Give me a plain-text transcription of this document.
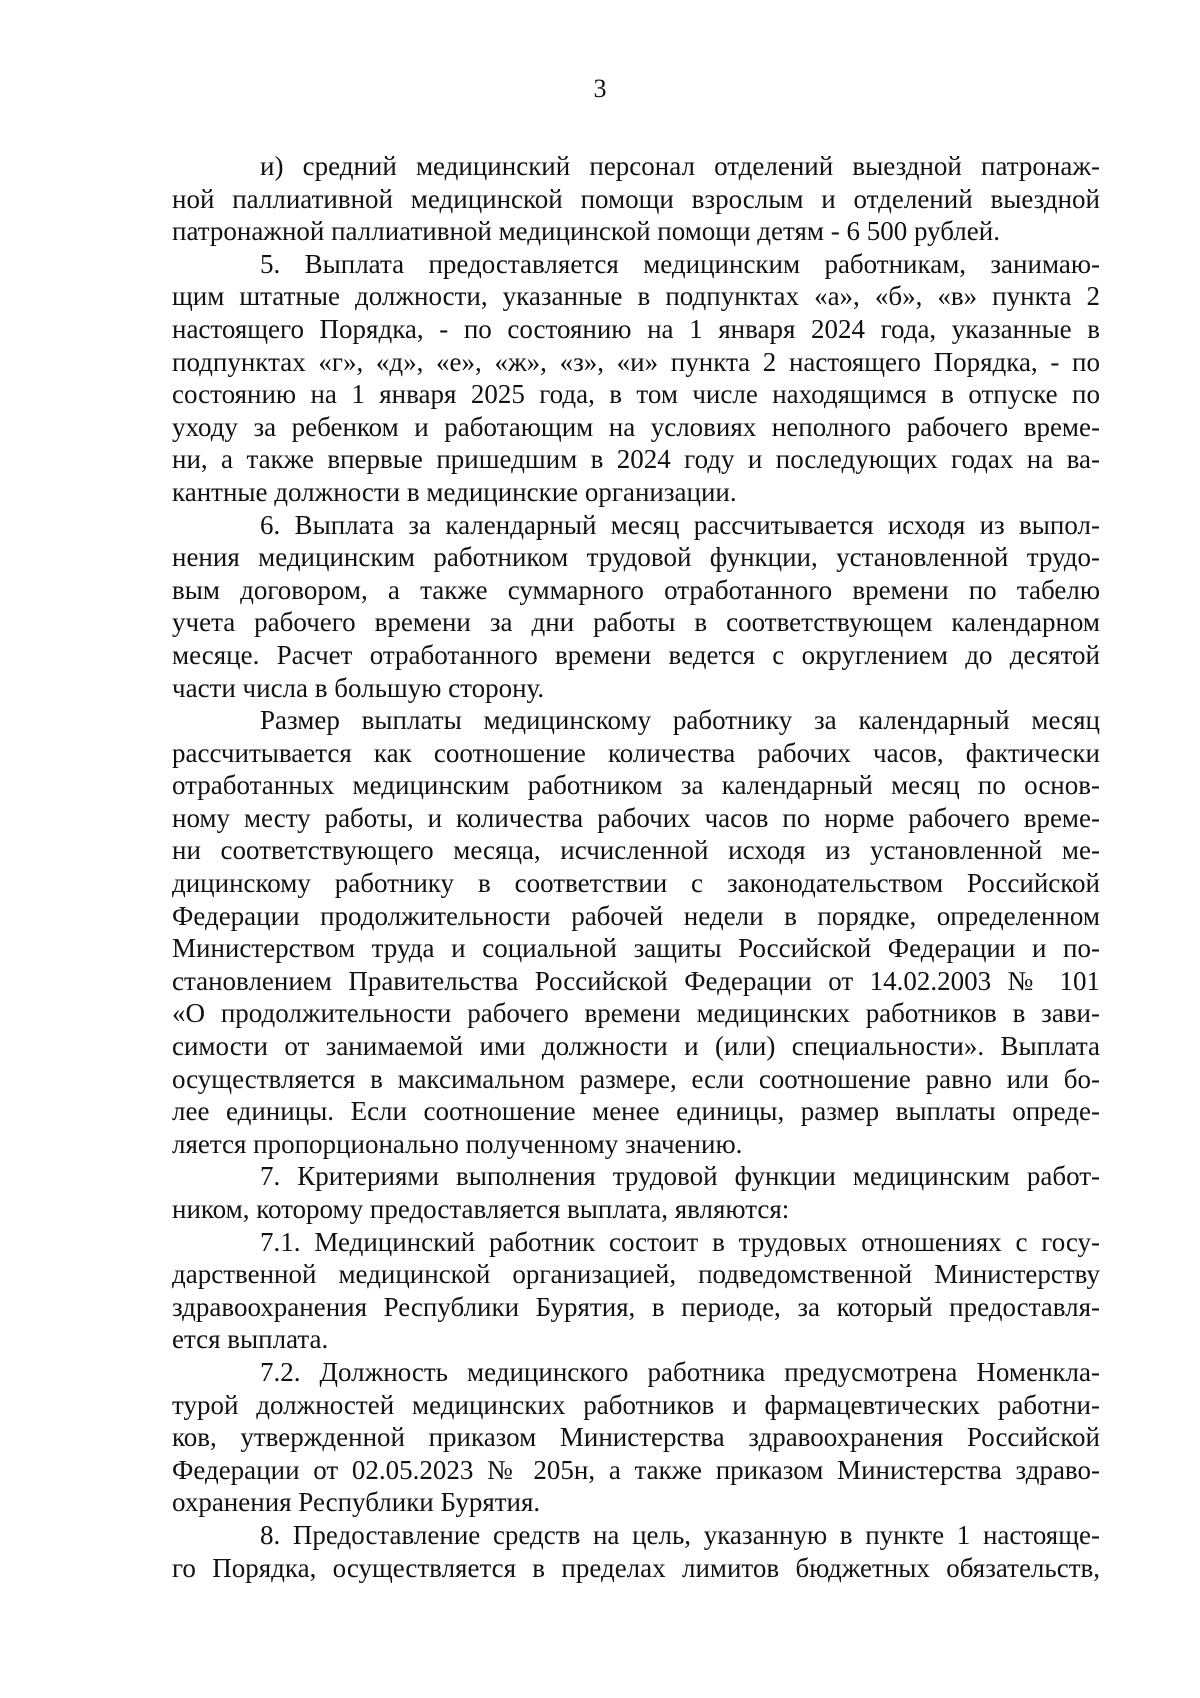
3
и) средний медицинский персонал отделений выездной патронаж-
ной паллиативной медицинской помощи взрослым и отделений выездной
патронажной паллиативной медицинской помощи детям - 6 500 рублей.
5. Выплата предоставляется медицинским работникам, занимаю-
щим штатные должности, указанные в подпунктах «а», «б», «в» пункта 2
настоящего Порядка, - по состоянию на 1 января 2024 года, указанные в
подпунктах «г», «д», «е», «ж», «з», «и» пункта 2 настоящего Порядка, - по
состоянию на 1 января 2025 года, в том числе находящимся в отпуске по
уходу за ребенком и работающим на условиях неполного рабочего време-
ни, а также впервые пришедшим в 2024 году и последующих годах на ва-
кантные должности в медицинские организации.
6. Выплата за календарный месяц рассчитывается исходя из выпол-
нения медицинским работником трудовой функции, установленной трудо-
вым договором, а также суммарного отработанного времени по табелю
учета рабочего времени за дни работы в соответствующем календарном
месяце. Расчет отработанного времени ведется с округлением до десятой
части числа в большую сторону.
Размер выплаты медицинскому работнику за календарный месяц
рассчитывается как соотношение количества рабочих часов, фактически
отработанных медицинским работником за календарный месяц по основ-
ному месту работы, и количества рабочих часов по норме рабочего време-
ни соответствующего месяца, исчисленной исходя из установленной ме-
дицинскому работнику в соответствии с законодательством Российской
Федерации продолжительности рабочей недели в порядке, определенном
Министерством труда и социальной защиты Российской Федерации и по-
становлением Правительства Российской Федерации от 14.02.2003 № 101
«О продолжительности рабочего времени медицинских работников в зави-
симости от занимаемой ими должности и (или) специальности». Выплата
осуществляется в максимальном размере, если соотношение равно или бо-
лее единицы. Если соотношение менее единицы, размер выплаты опреде-
ляется пропорционально полученному значению.
7. Критериями выполнения трудовой функции медицинским работ-
ником, которому предоставляется выплата, являются:
7.1. Медицинский работник состоит в трудовых отношениях с госу-
дарственной медицинской организацией, подведомственной Министерству
здравоохранения Республики Бурятия, в периоде, за который предоставля-
ется выплата.
7.2. Должность медицинского работника предусмотрена Номенкла-
турой должностей медицинских работников и фармацевтических работни-
ков, утвержденной приказом Министерства здравоохранения Российской
Федерации от 02.05.2023 № 205н, а также приказом Министерства здраво-
охранения Республики Бурятия.
8. Предоставление средств на цель, указанную в пункте 1 настояще-
го Порядка, осуществляется в пределах лимитов бюджетных обязательств,
